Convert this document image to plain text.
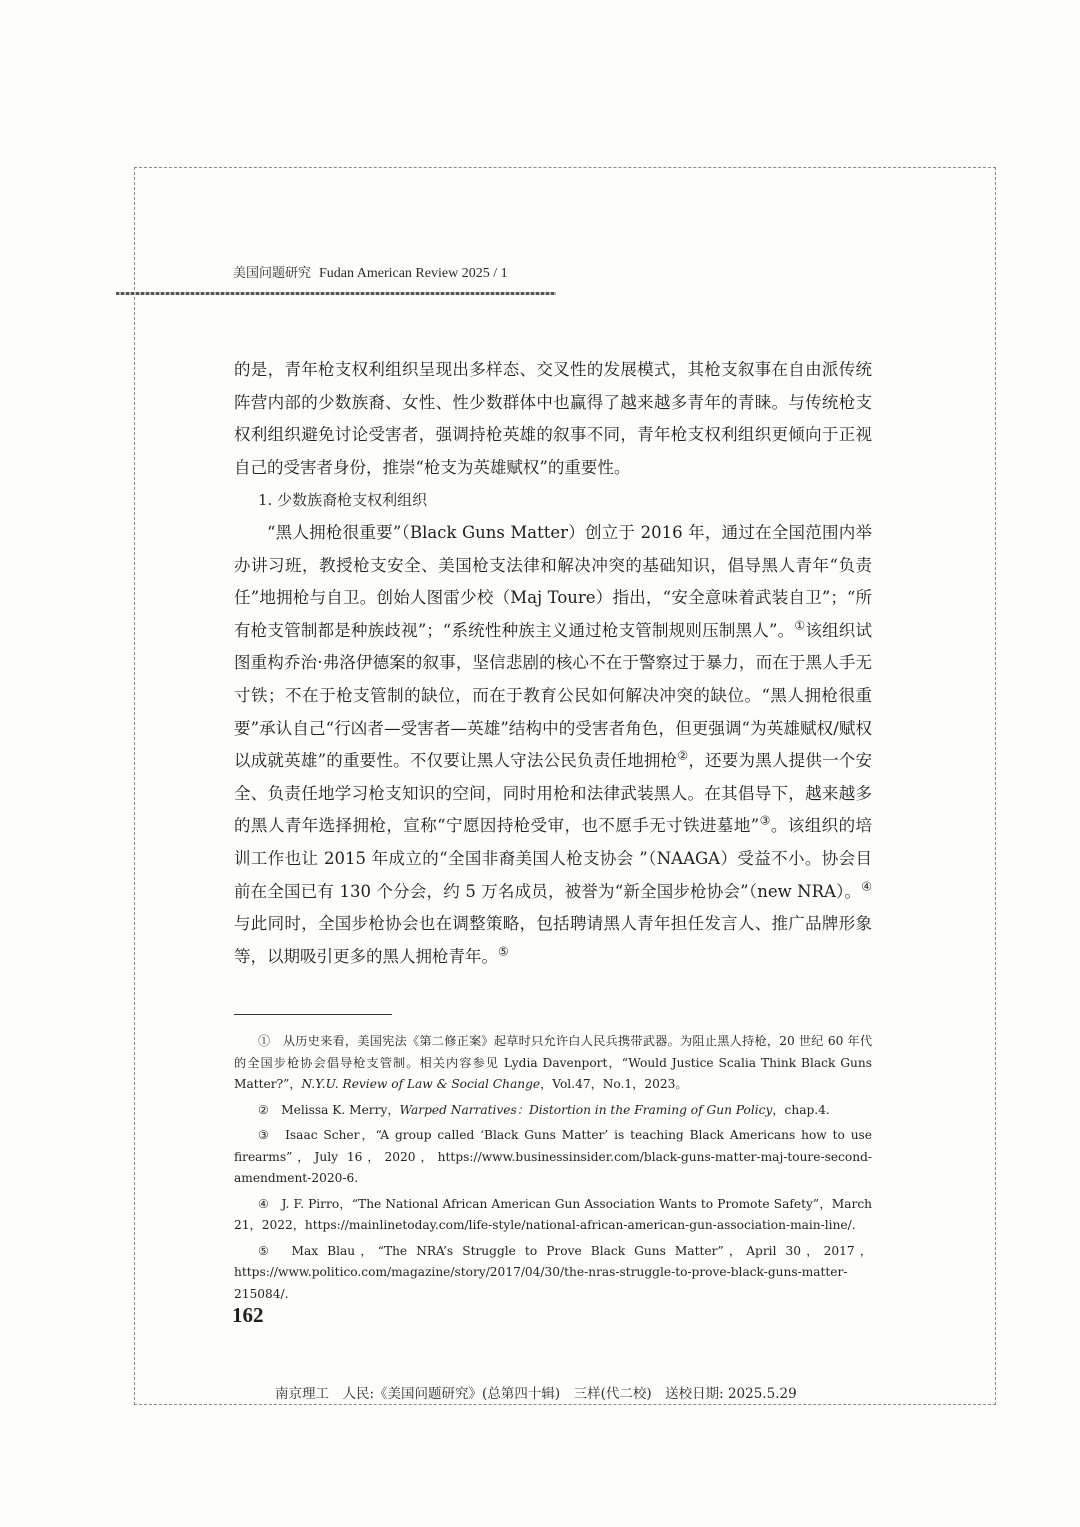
美国问题研究 Fudan American Review 2025 / 1

的是，青年枪支权利组织呈现出多样态、交叉性的发展模式，其枪支叙事在自由派传统阵营内部的少数族裔、女性、性少数群体中也赢得了越来越多青年的青睐。与传统枪支权利组织避免讨论受害者，强调持枪英雄的叙事不同，青年枪支权利组织更倾向于正视自己的受害者身份，推崇“枪支为英雄赋权”的重要性。

1. 少数族裔枪支权利组织

“黑人拥枪很重要”（Black Guns Matter）创立于 2016 年，通过在全国范围内举办讲习班，教授枪支安全、美国枪支法律和解决冲突的基础知识，倡导黑人青年“负责任”地拥枪与自卫。创始人图雷少校（Maj Toure）指出，“安全意味着武装自卫”；“所有枪支管制都是种族歧视”；“系统性种族主义通过枪支管制规则压制黑人”。①该组织试图重构乔治·弗洛伊德案的叙事，坚信悲剧的核心不在于警察过于暴力，而在于黑人手无寸铁；不在于枪支管制的缺位，而在于教育公民如何解决冲突的缺位。“黑人拥枪很重要”承认自己“行凶者—受害者—英雄”结构中的受害者角色，但更强调“为英雄赋权/赋权以成就英雄”的重要性。不仅要让黑人守法公民负责任地拥枪②，还要为黑人提供一个安全、负责任地学习枪支知识的空间，同时用枪和法律武装黑人。在其倡导下，越来越多的黑人青年选择拥枪，宣称“宁愿因持枪受审，也不愿手无寸铁进墓地”③。该组织的培训工作也让 2015 年成立的“全国非裔美国人枪支协会 ”（NAAGA）受益不小。协会目前在全国已有 130 个分会，约 5 万名成员，被誉为“新全国步枪协会”（new NRA）。④与此同时，全国步枪协会也在调整策略，包括聘请黑人青年担任发言人、推广品牌形象等，以期吸引更多的黑人拥枪青年。⑤

①　 从历史来看，美国宪法《第二修正案》起草时只允许白人民兵携带武器。为阻止黑人持枪，20 世纪 60 年代的全国步枪协会倡导枪支管制。相关内容参见 Lydia Davenport，“Would Justice Scalia Think Black Guns Matter?”，N.Y.U. Review of Law & Social Change，Vol.47，No.1，2023。

②　 Melissa K. Merry，Warped Narratives：Distortion in the Framing of Gun Policy，chap.4.

③　 Isaac Scher，“A group called ‘Black Guns Matter’ is teaching Black Americans how to use firearms”，July 16，2020，https://www.businessinsider.com/black-guns-matter-maj-toure-second-amendment-2020-6.

④　 J. F. Pirro，“The National African American Gun Association Wants to Promote Safety”，March 21，2022，https://mainlinetoday.com/life-style/national-african-american-gun-association-main-line/.

⑤　 Max Blau，“The NRA’s Struggle to Prove Black Guns Matter”，April 30，2017，https://www.politico.com/magazine/story/2017/04/30/the-nras-struggle-to-prove-black-guns-matter-215084/.

162
南京理工　人民:《美国问题研究》(总第四十辑)　三样(代二校)　送校日期: 2025.5.29
